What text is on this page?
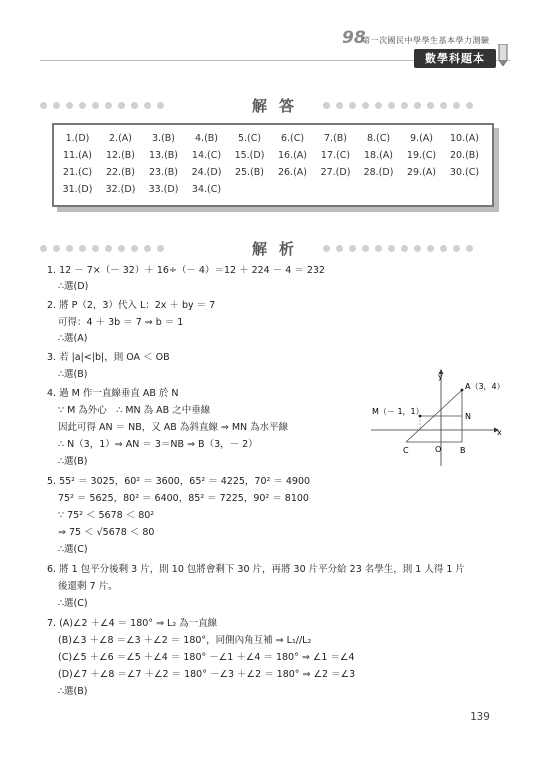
98
第一次國民中學學生基本學力測驗
數學科題本
解答
1.(D)	2.(A)	3.(B)	4.(B)	5.(C)	6.(C)	7.(B)	8.(C)	9.(A)	10.(A)
11.(A)	12.(B)	13.(B)	14.(C)	15.(D)	16.(A)	17.(C)	18.(A)	19.(C)	20.(B)
21.(C)	22.(B)	23.(B)	24.(D)	25.(B)	26.(A)	27.(D)	28.(D)	29.(A)	30.(C)
31.(D)	32.(D)	33.(D)	34.(C)
解析
1. 12 － 7×（－ 32）＋ 16÷（－ 4）＝12 ＋ 224 － 4 ＝ 232
∴選(D)
2. 將 P（2，3）代入 L：2x ＋ by ＝ 7
可得：4 ＋ 3b ＝ 7 ⇒ b ＝ 1
∴選(A)
3. 若 |a|<|b|，則 OA ＜ OB
∴選(B)
4. 過 M 作一直線垂直 AB 於 N
∵ M 為外心　∴ MN 為 AB 之中垂線
因此可得 AN ＝ NB，又 AB 為斜直線 ⇒ MN 為水平線
∴ N（3，1）⇒ AN ＝ 3＝NB ⇒ B（3，－ 2）
∴選(B)
x
y
A（3，4）
M（－ 1，1）
N
C	O B
5. 55² ＝ 3025，60² ＝ 3600，65² ＝ 4225，70² ＝ 4900
75² ＝ 5625，80² ＝ 6400，85² ＝ 7225，90² ＝ 8100
∵ 75² ＜ 5678 ＜ 80²
⇒ 75 ＜ √5678 ＜ 80
∴選(C)
6. 將 1 包平分後剩 3 片，則 10 包將會剩下 30 片，再將 30 片平分給 23 名學生，則 1 人得 1 片
後還剩 7 片。
∴選(C)
7. (A)∠2 ＋∠4 ＝ 180° ⇒ L₂ 為一直線
(B)∠3 ＋∠8 ＝∠3 ＋∠2 ＝ 180°，同側內角互補 ⇒ L₁//L₂
(C)∠5 ＋∠6 ＝∠5 ＋∠4 ＝ 180° －∠1 ＋∠4 ＝ 180° ⇒ ∠1 ＝∠4
(D)∠7 ＋∠8 ＝∠7 ＋∠2 ＝ 180° －∠3 ＋∠2 ＝ 180° ⇒ ∠2 ＝∠3
∴選(B)
139
